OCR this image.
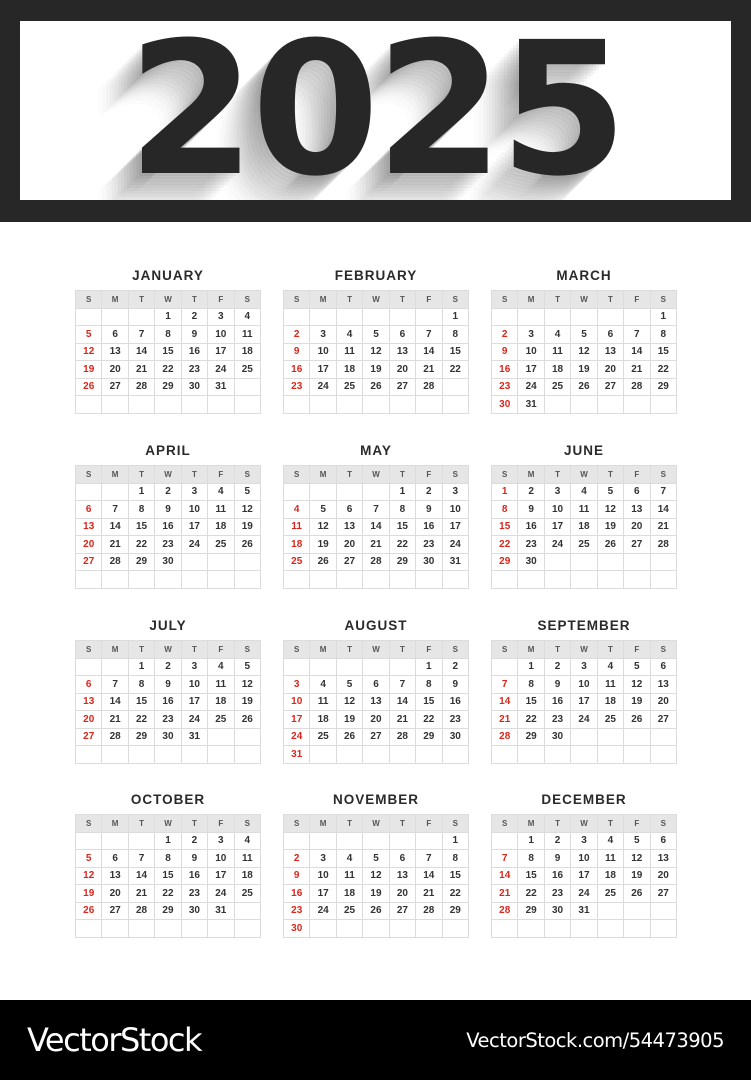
2025
JANUARY
S	M	T	W	T	F	S
			1	2	3	4
5	6	7	8	9	10	11
12	13	14	15	16	17	18
19	20	21	22	23	24	25
26	27	28	29	30	31	

FEBRUARY
S	M	T	W	T	F	S
						1
2	3	4	5	6	7	8
9	10	11	12	13	14	15
16	17	18	19	20	21	22
23	24	25	26	27	28	

MARCH
S	M	T	W	T	F	S
						1
2	3	4	5	6	7	8
9	10	11	12	13	14	15
16	17	18	19	20	21	22
23	24	25	26	27	28	29
30	31					
APRIL
S	M	T	W	T	F	S
		1	2	3	4	5
6	7	8	9	10	11	12
13	14	15	16	17	18	19
20	21	22	23	24	25	26
27	28	29	30			

MAY
S	M	T	W	T	F	S
				1	2	3
4	5	6	7	8	9	10
11	12	13	14	15	16	17
18	19	20	21	22	23	24
25	26	27	28	29	30	31

JUNE
S	M	T	W	T	F	S
1	2	3	4	5	6	7
8	9	10	11	12	13	14
15	16	17	18	19	20	21
22	23	24	25	26	27	28
29	30					

JULY
S	M	T	W	T	F	S
		1	2	3	4	5
6	7	8	9	10	11	12
13	14	15	16	17	18	19
20	21	22	23	24	25	26
27	28	29	30	31		

AUGUST
S	M	T	W	T	F	S
					1	2
3	4	5	6	7	8	9
10	11	12	13	14	15	16
17	18	19	20	21	22	23
24	25	26	27	28	29	30
31						
SEPTEMBER
S	M	T	W	T	F	S
	1	2	3	4	5	6
7	8	9	10	11	12	13
14	15	16	17	18	19	20
21	22	23	24	25	26	27
28	29	30				

OCTOBER
S	M	T	W	T	F	S
			1	2	3	4
5	6	7	8	9	10	11
12	13	14	15	16	17	18
19	20	21	22	23	24	25
26	27	28	29	30	31	

NOVEMBER
S	M	T	W	T	F	S
						1
2	3	4	5	6	7	8
9	10	11	12	13	14	15
16	17	18	19	20	21	22
23	24	25	26	27	28	29
30						
DECEMBER
S	M	T	W	T	F	S
	1	2	3	4	5	6
7	8	9	10	11	12	13
14	15	16	17	18	19	20
21	22	23	24	25	26	27
28	29	30	31			

VectorStock	VectorStock.com/54473905
